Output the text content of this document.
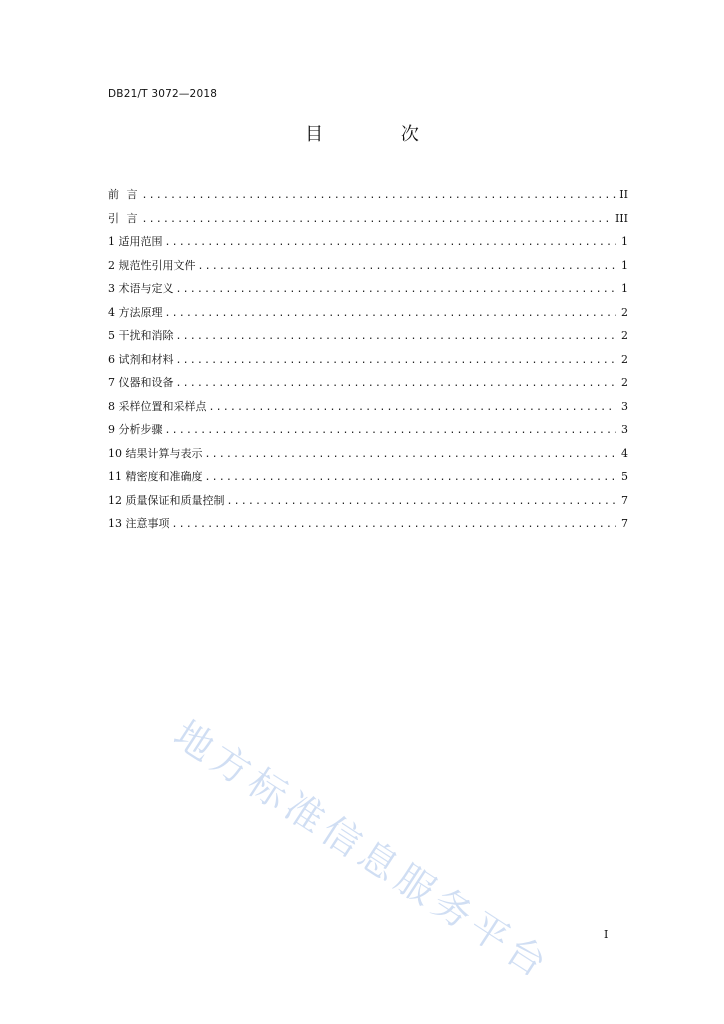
DB21/T 3072—2018
目 次
前 言 .....	II
引 言 .....	III
1 适用范围 .....	1
2 规范性引用文件 .....	1
3 术语与定义 .....	1
4 方法原理 .....	2
5 干扰和消除 .....	2
6 试剂和材料 .....	2
7 仪器和设备 .....	2
8 采样位置和采样点 .....	3
9 分析步骤 .....	3
10 结果计算与表示 .....	4
11 精密度和准确度 .....	5
12 质量保证和质量控制 .....	7
13 注意事项 .....	7
地方标准信息服务平台	I
